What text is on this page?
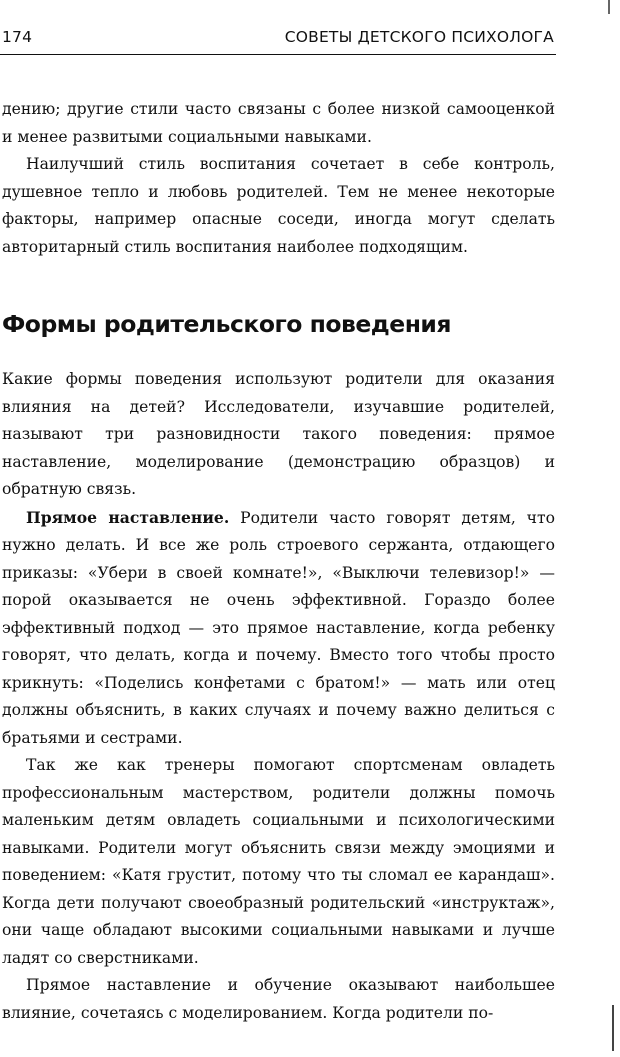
174	СОВЕТЫ ДЕТСКОГО ПСИХОЛОГА

дению; другие стили часто связаны с более низкой самооценкой и менее развитыми социальными навыками.

Наилучший стиль воспитания сочетает в себе контроль, душевное тепло и любовь родителей. Тем не менее некоторые факторы, например опасные соседи, иногда могут сделать авторитарный стиль воспитания наиболее подходящим.

Формы родительского поведения

Какие формы поведения используют родители для оказания влияния на детей? Исследователи, изучавшие родителей, называют три разновидности такого поведения: прямое наставление, моделирование (демонстрацию образцов) и обратную связь.

Прямое наставление. Родители часто говорят детям, что нужно делать. И все же роль строевого сержанта, отдающего приказы: «Убери в своей комнате!», «Выключи телевизор!» — порой оказывается не очень эффективной. Гораздо более эффективный подход — это прямое наставление, когда ребенку говорят, что делать, когда и почему. Вместо того чтобы просто крикнуть: «Поделись конфетами с братом!» — мать или отец должны объяснить, в каких случаях и почему важно делиться с братьями и сестрами.

Так же как тренеры помогают спортсменам овладеть профессиональным мастерством, родители должны помочь маленьким детям овладеть социальными и психологическими навыками. Родители могут объяснить связи между эмоциями и поведением: «Катя грустит, потому что ты сломал ее карандаш». Когда дети получают своеобразный родительский «инструктаж», они чаще обладают высокими социальными навыками и лучше ладят со сверстниками.

Прямое наставление и обучение оказывают наибольшее влияние, сочетаясь с моделированием. Когда родители по-
